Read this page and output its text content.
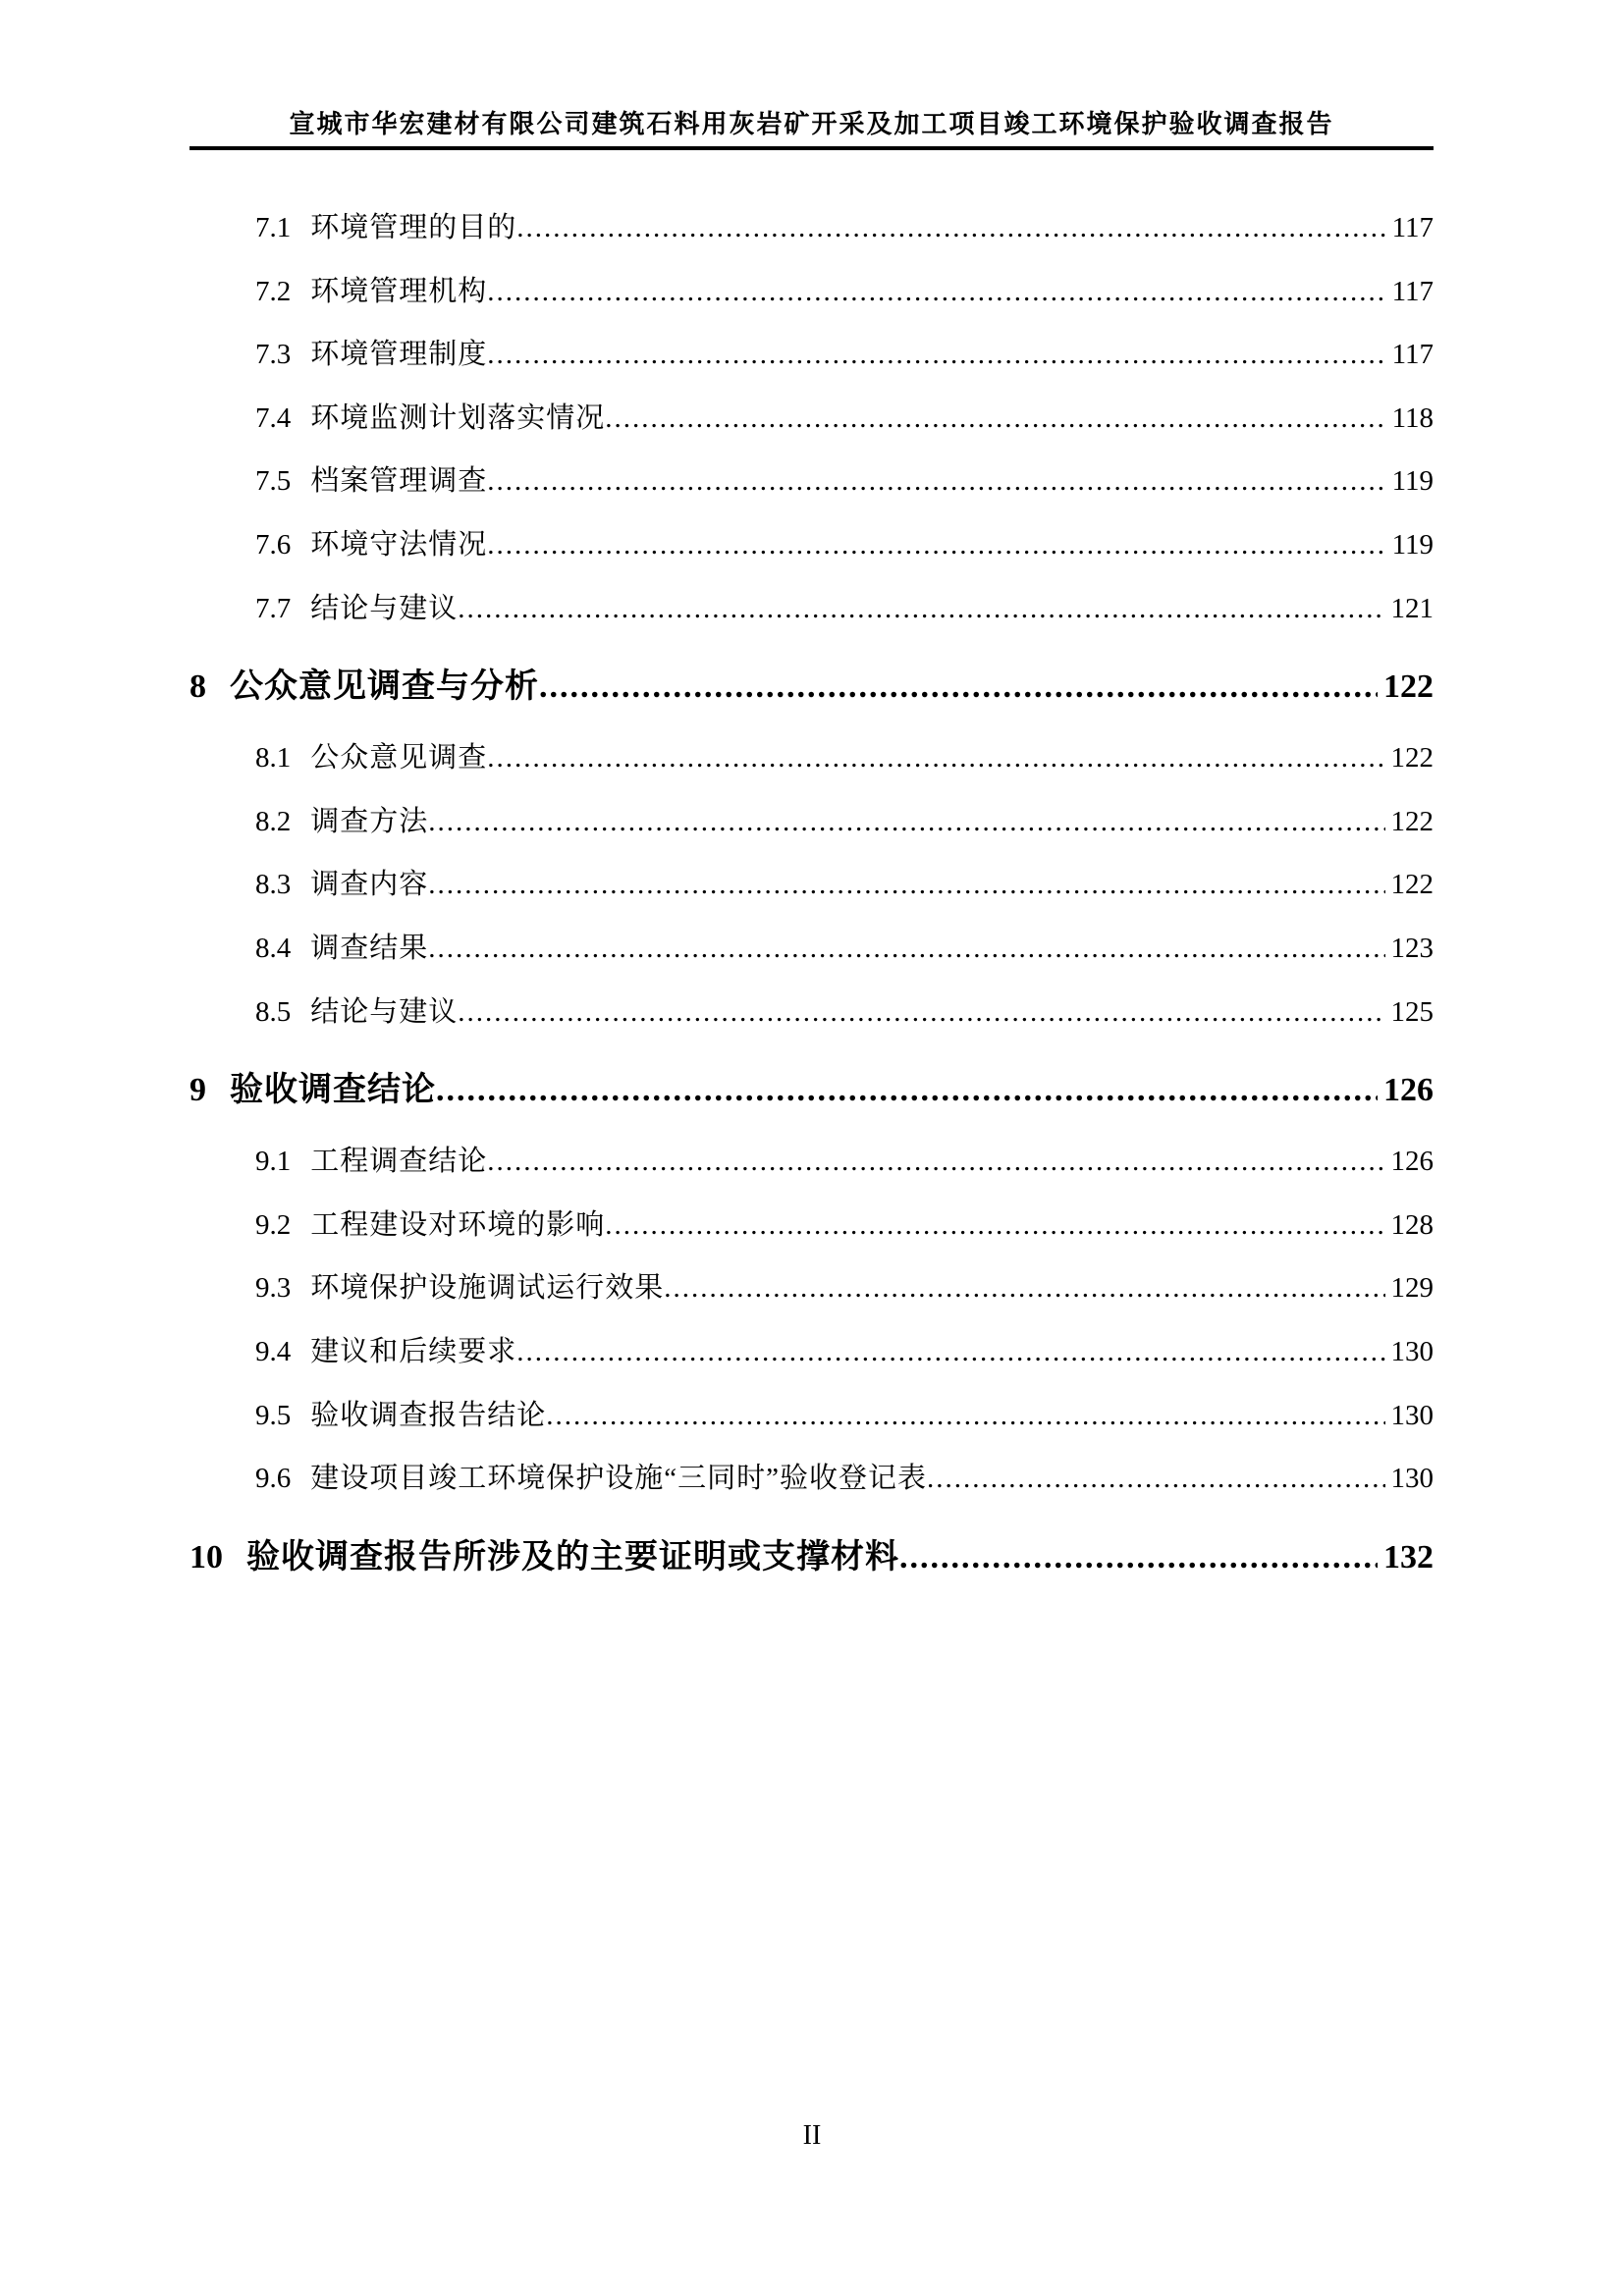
宣城市华宏建材有限公司建筑石料用灰岩矿开采及加工项目竣工环境保护验收调查报告
7.1 环境管理的目的 .....	117
7.2 环境管理机构 .....	117
7.3 环境管理制度 .....	117
7.4 环境监测计划落实情况 .....	118
7.5 档案管理调查 .....	119
7.6 环境守法情况 .....	119
7.7 结论与建议 .....	121
8 公众意见调查与分析 .....	122
8.1 公众意见调查 .....	122
8.2 调查方法 .....	122
8.3 调查内容 .....	122
8.4 调查结果 .....	123
8.5 结论与建议 .....	125
9 验收调查结论 .....	126
9.1 工程调查结论 .....	126
9.2 工程建设对环境的影响 .....	128
9.3 环境保护设施调试运行效果 .....	129
9.4 建议和后续要求 .....	130
9.5 验收调查报告结论 .....	130
9.6 建设项目竣工环境保护设施“三同时”验收登记表 .....	130
10 验收调查报告所涉及的主要证明或支撑材料 .....	132
II
